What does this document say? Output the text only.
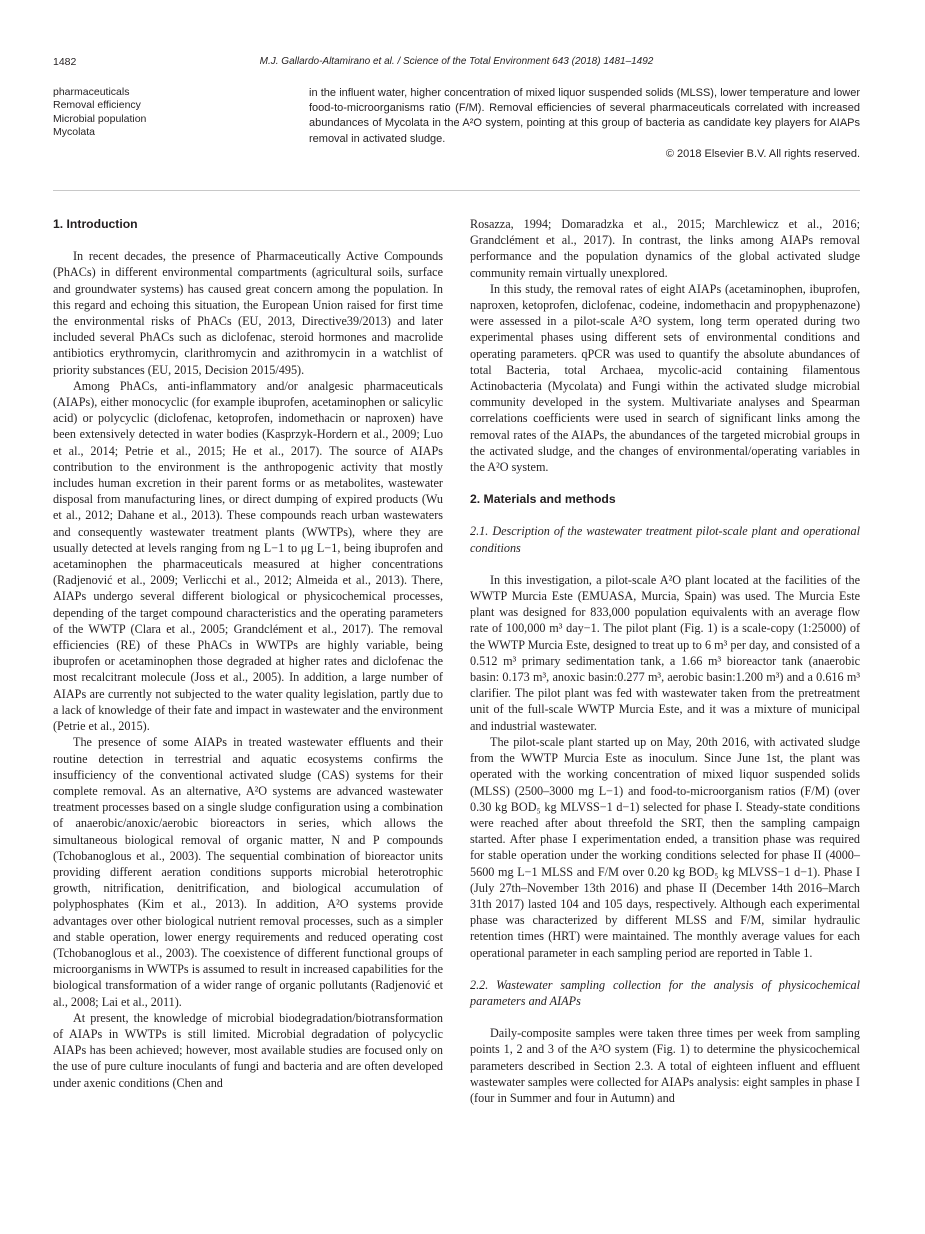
1482	M.J. Gallardo-Altamirano et al. / Science of the Total Environment 643 (2018) 1481–1492
pharmaceuticals
Removal efficiency
Microbial population
Mycolata
in the influent water, higher concentration of mixed liquor suspended solids (MLSS), lower temperature and lower food-to-microorganisms ratio (F/M). Removal efficiencies of several pharmaceuticals correlated with increased abundances of Mycolata in the A²O system, pointing at this group of bacteria as candidate key players for AIAPs removal in activated sludge.
© 2018 Elsevier B.V. All rights reserved.
1. Introduction

In recent decades, the presence of Pharmaceutically Active Compounds (PhACs) in different environmental compartments (agricultural soils, surface and groundwater systems) has caused great concern among the population. In this regard and echoing this situation, the European Union raised for first time the environmental risks of PhACs (EU, 2013, Directive39/2013) and later included several PhACs such as diclofenac, steroid hormones and macrolide antibiotics erythromycin, clarithromycin and azithromycin in a watchlist of priority substances (EU, 2015, Decision 2015/495).

Among PhACs, anti-inflammatory and/or analgesic pharmaceuticals (AIAPs), either monocyclic (for example ibuprofen, acetaminophen or salicylic acid) or polycyclic (diclofenac, ketoprofen, indomethacin or naproxen) have been extensively detected in water bodies (Kasprzyk-Hordern et al., 2009; Luo et al., 2014; Petrie et al., 2015; He et al., 2017). The source of AIAPs contribution to the environment is the anthropogenic activity that mostly includes human excretion in their parent forms or as metabolites, wastewater disposal from manufacturing lines, or direct dumping of expired products (Wu et al., 2012; Dahane et al., 2013). These compounds reach urban wastewaters and consequently wastewater treatment plants (WWTPs), where they are usually detected at levels ranging from ng L−1 to μg L−1, being ibuprofen and acetaminophen the pharmaceuticals measured at higher concentrations (Radjenović et al., 2009; Verlicchi et al., 2012; Almeida et al., 2013). There, AIAPs undergo several different biological or physicochemical processes, depending of the target compound characteristics and the operating parameters of the WWTP (Clara et al., 2005; Grandclément et al., 2017). The removal efficiencies (RE) of these PhACs in WWTPs are highly variable, being ibuprofen or acetaminophen those degraded at higher rates and diclofenac the most recalcitrant molecule (Joss et al., 2005). In addition, a large number of AIAPs are currently not subjected to the water quality legislation, partly due to a lack of knowledge of their fate and impact in wastewater and the environment (Petrie et al., 2015).

The presence of some AIAPs in treated wastewater effluents and their routine detection in terrestrial and aquatic ecosystems confirms the insufficiency of the conventional activated sludge (CAS) systems for their complete removal. As an alternative, A²O systems are advanced wastewater treatment processes based on a single sludge configuration using a combination of anaerobic/anoxic/aerobic bioreactors in series, which allows the simultaneous biological removal of organic matter, N and P compounds (Tchobanoglous et al., 2003). The sequential combination of bioreactor units providing different aeration conditions supports microbial heterotrophic growth, nitrification, denitrification, and biological accumulation of polyphosphates (Kim et al., 2013). In addition, A²O systems provide advantages over other biological nutrient removal processes, such as a simpler and stable operation, lower energy requirements and reduced operating cost (Tchobanoglous et al., 2003). The coexistence of different functional groups of microorganisms in WWTPs is assumed to result in increased capabilities for the biological transformation of a wider range of organic pollutants (Radjenović et al., 2008; Lai et al., 2011).

At present, the knowledge of microbial biodegradation/biotransformation of AIAPs in WWTPs is still limited. Microbial degradation of polycyclic AIAPs has been achieved; however, most available studies are focused only on the use of pure culture inoculants of fungi and bacteria and are often developed under axenic conditions (Chen and

Rosazza, 1994; Domaradzka et al., 2015; Marchlewicz et al., 2016; Grandclément et al., 2017). In contrast, the links among AIAPs removal performance and the population dynamics of the global activated sludge community remain virtually unexplored.

In this study, the removal rates of eight AIAPs (acetaminophen, ibuprofen, naproxen, ketoprofen, diclofenac, codeine, indomethacin and propyphenazone) were assessed in a pilot-scale A²O system, long term operated during two experimental phases using different sets of environmental conditions and operating parameters. qPCR was used to quantify the absolute abundances of total Bacteria, total Archaea, mycolic-acid containing filamentous Actinobacteria (Mycolata) and Fungi within the activated sludge microbial community developed in the system. Multivariate analyses and Spearman correlations coefficients were used in search of significant links among the removal rates of the AIAPs, the abundances of the targeted microbial groups in the activated sludge, and the changes of environmental/operating variables in the A²O system.

2. Materials and methods
2.1. Description of the wastewater treatment pilot-scale plant and operational conditions

In this investigation, a pilot-scale A²O plant located at the facilities of the WWTP Murcia Este (EMUASA, Murcia, Spain) was used. The Murcia Este plant was designed for 833,000 population equivalents with an average flow rate of 100,000 m³ day−1. The pilot plant (Fig. 1) is a scale-copy (1:25000) of the WWTP Murcia Este, designed to treat up to 6 m³ per day, and consisted of a 0.512 m³ primary sedimentation tank, a 1.66 m³ bioreactor tank (anaerobic basin: 0.173 m³, anoxic basin:0.277 m³, aerobic basin:1.200 m³) and a 0.616 m³ clarifier. The pilot plant was fed with wastewater taken from the pretreatment unit of the full-scale WWTP Murcia Este, and it was a mixture of municipal and industrial wastewater.

The pilot-scale plant started up on May, 20th 2016, with activated sludge from the WWTP Murcia Este as inoculum. Since June 1st, the plant was operated with the working concentration of mixed liquor suspended solids (MLSS) (2500–3000 mg L−1) and food-to-microorganism ratios (F/M) (over 0.30 kg BOD₅ kg MLVSS−1 d−1) selected for phase I. Steady-state conditions were reached after about threefold the SRT, then the sampling campaign started. After phase I experimentation ended, a transition phase was required for stable operation under the working conditions selected for phase II (4000–5600 mg L−1 MLSS and F/M over 0.20 kg BOD₅ kg MLVSS−1 d−1). Phase I (July 27th–November 13th 2016) and phase II (December 14th 2016–March 31th 2017) lasted 104 and 105 days, respectively. Although each experimental phase was characterized by different MLSS and F/M, similar hydraulic retention times (HRT) were maintained. The monthly average values for each operational parameter in each sampling period are reported in Table 1.

2.2. Wastewater sampling collection for the analysis of physicochemical parameters and AIAPs

Daily-composite samples were taken three times per week from sampling points 1, 2 and 3 of the A²O system (Fig. 1) to determine the physicochemical parameters described in Section 2.3. A total of eighteen influent and effluent wastewater samples were collected for AIAPs analysis: eight samples in phase I (four in Summer and four in Autumn) and
